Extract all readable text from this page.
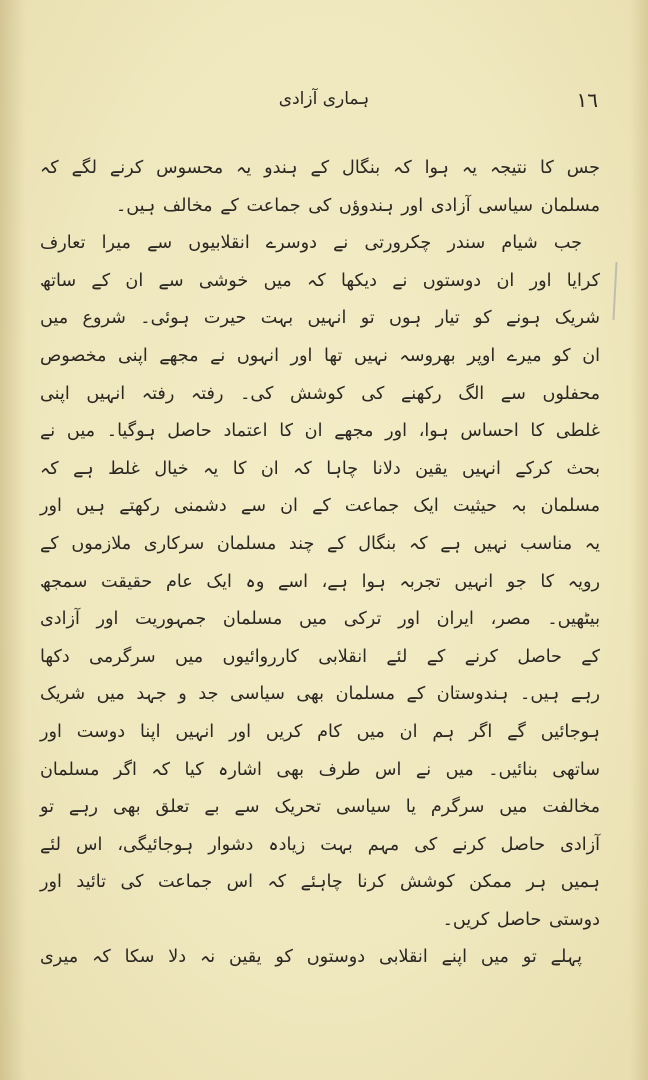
۱٦
ہماری آزادی
جس کا نتیجہ یہ ہوا کہ بنگال کے ہندو یہ محسوس کرنے لگے کہ
مسلمان سیاسی آزادی اور ہندوؤں کی جماعت کے مخالف ہیں۔
جب شیام سندر چکرورتی نے دوسرے انقلابیوں سے میرا تعارف
کرایا اور ان دوستوں نے دیکھا کہ میں خوشی سے ان کے ساتھ
شریک ہونے کو تیار ہوں تو انہیں بہت حیرت ہوئی۔ شروع میں
ان کو میرے اوپر بھروسہ نہیں تھا اور انہوں نے مجھے اپنی مخصوص
محفلوں سے الگ رکھنے کی کوشش کی۔ رفتہ رفتہ انہیں اپنی
غلطی کا احساس ہوا، اور مجھے ان کا اعتماد حاصل ہوگیا۔ میں نے
بحث کرکے انہیں یقین دلانا چاہا کہ ان کا یہ خیال غلط ہے کہ
مسلمان بہ حیثیت ایک جماعت کے ان سے دشمنی رکھتے ہیں اور
یہ مناسب نہیں ہے کہ بنگال کے چند مسلمان سرکاری ملازموں کے
رویہ کا جو انہیں تجربہ ہوا ہے، اسے وہ ایک عام حقیقت سمجھ
بیٹھیں۔ مصر، ایران اور ترکی میں مسلمان جمہوریت اور آزادی
کے حاصل کرنے کے لئے انقلابی کارروائیوں میں سرگرمی دکھا
رہے ہیں۔ ہندوستان کے مسلمان بھی سیاسی جد و جہد میں شریک
ہوجائیں گے اگر ہم ان میں کام کریں اور انہیں اپنا دوست اور
ساتھی بنائیں۔ میں نے اس طرف بھی اشارہ کیا کہ اگر مسلمان
مخالفت میں سرگرم یا سیاسی تحریک سے بے تعلق بھی رہے تو
آزادی حاصل کرنے کی مہم بہت زیادہ دشوار ہوجائیگی، اس لئے
ہمیں ہر ممکن کوشش کرنا چاہئے کہ اس جماعت کی تائید اور
دوستی حاصل کریں۔
پہلے تو میں اپنے انقلابی دوستوں کو یقین نہ دلا سکا کہ میری
